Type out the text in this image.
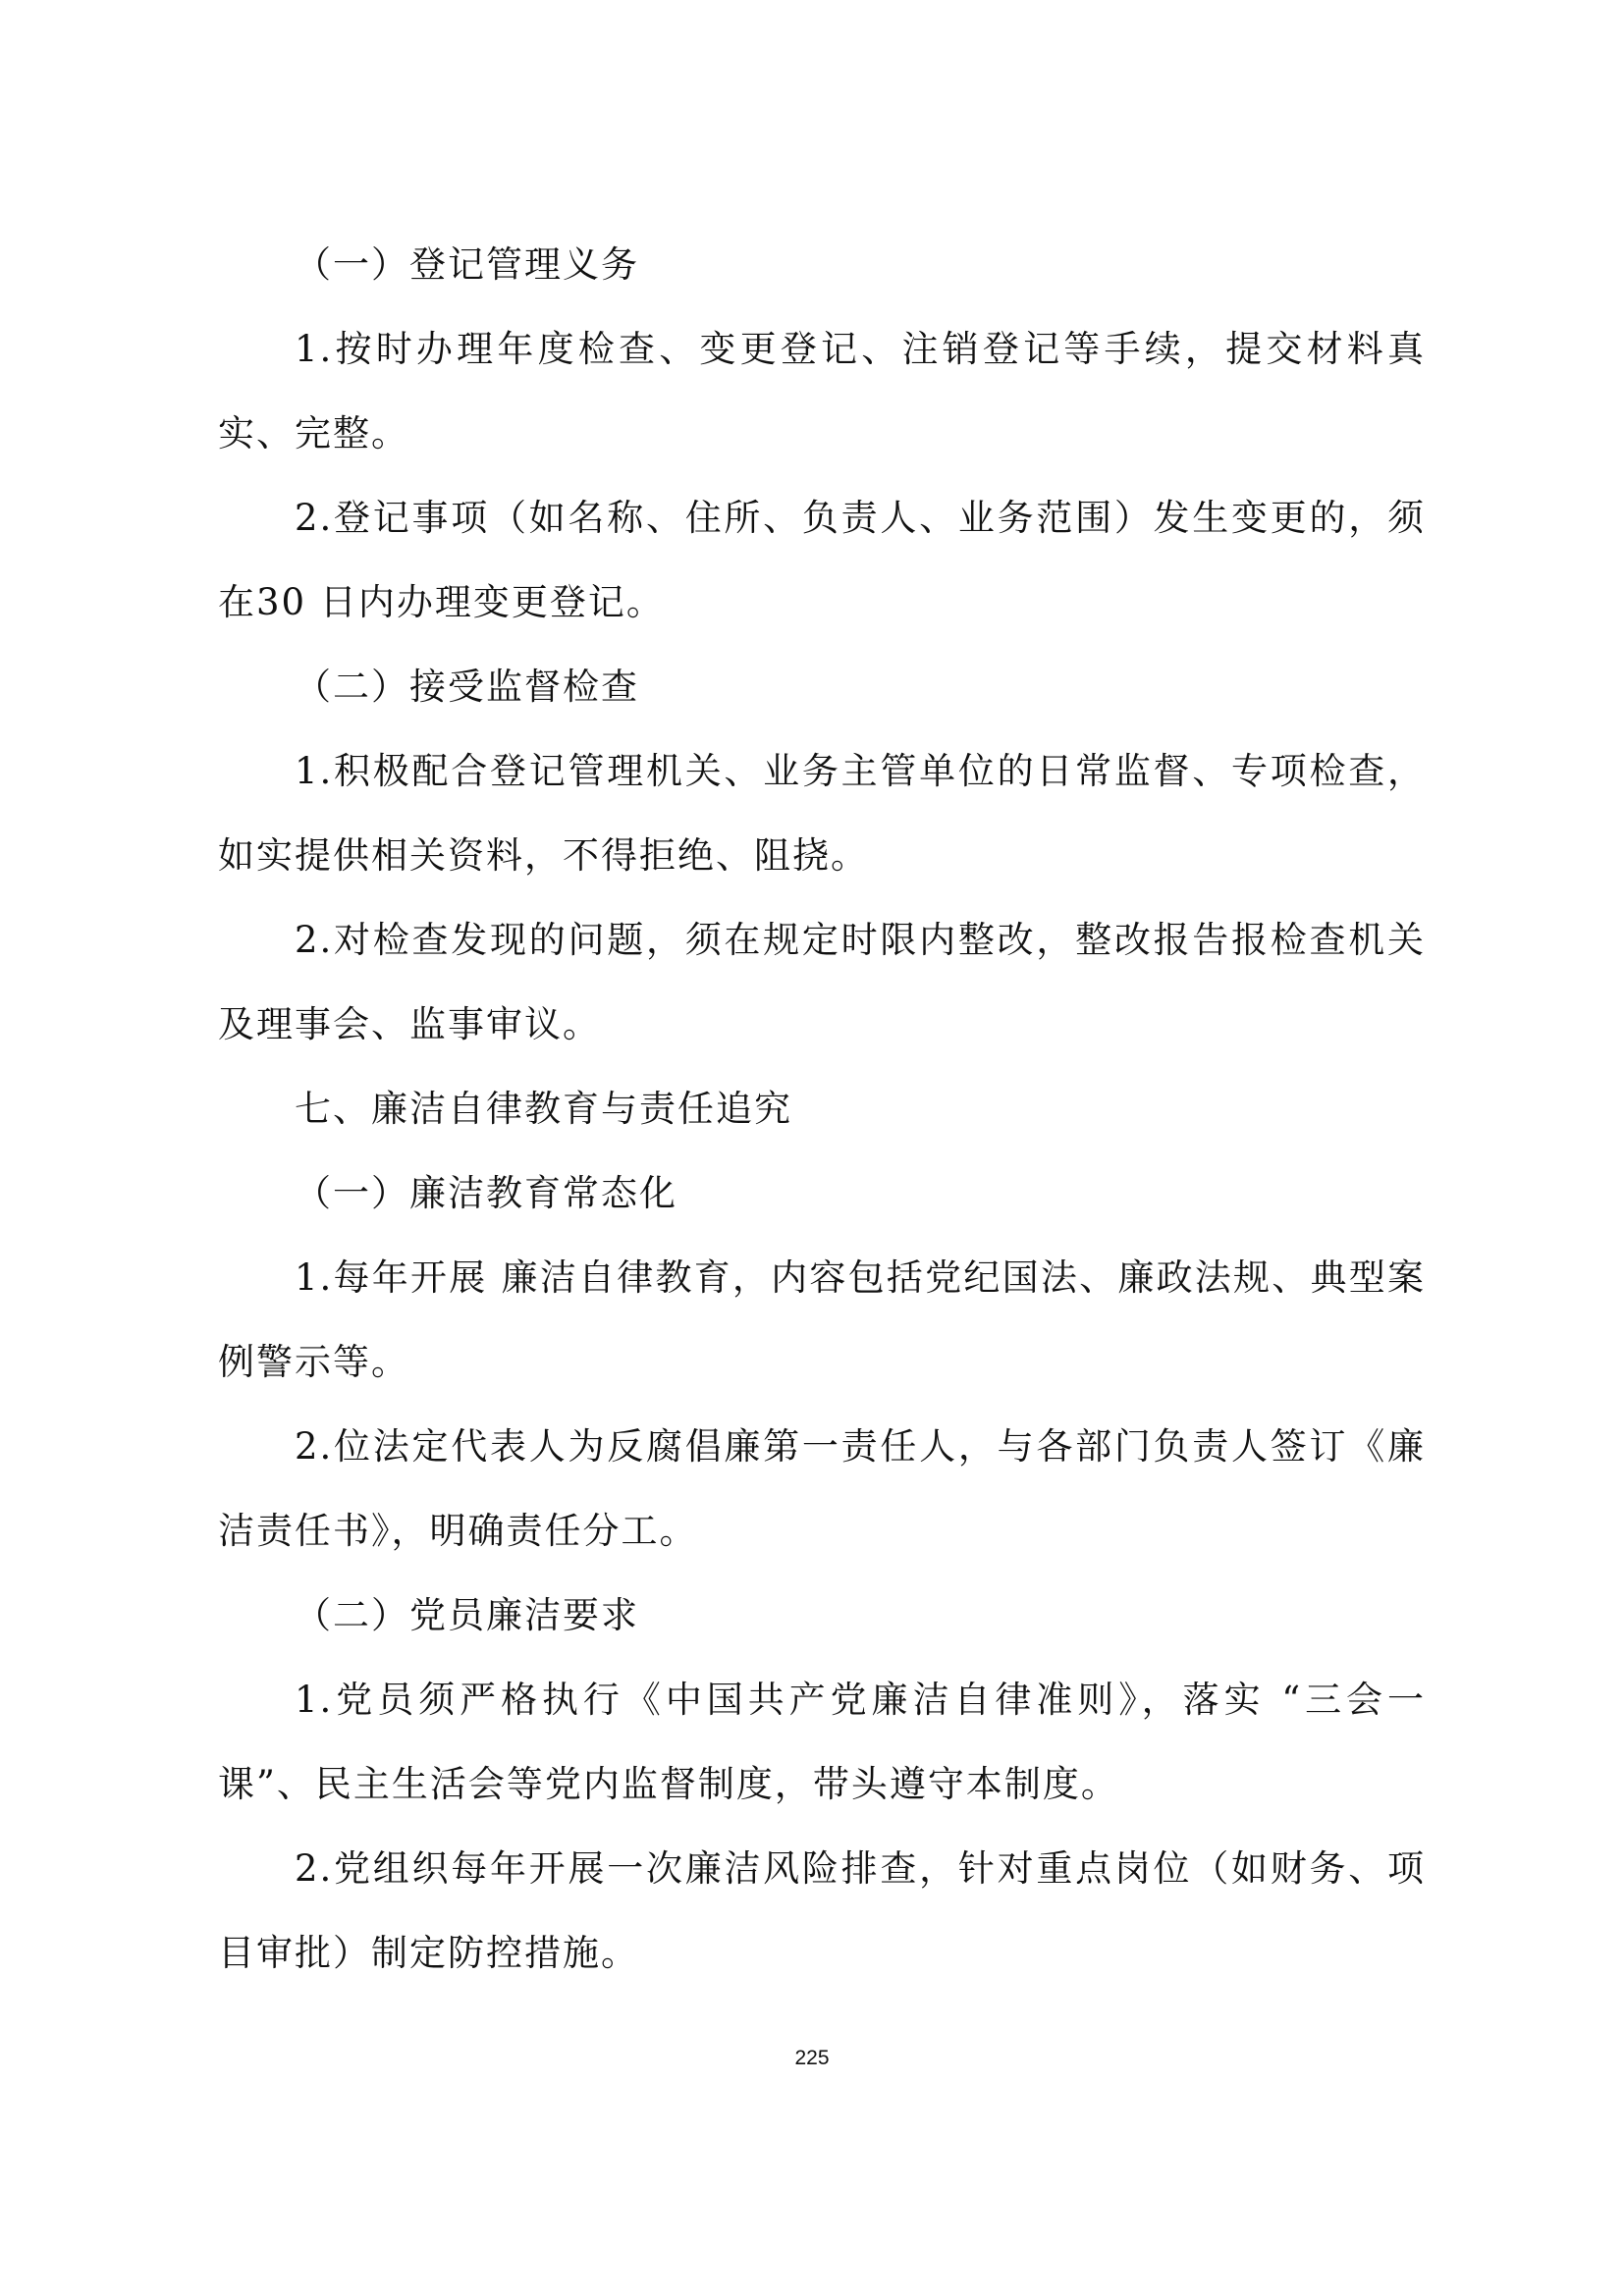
（一）登记管理义务

1.按时办理年度检查、变更登记、注销登记等手续，提交材料真实、完整。

2.登记事项（如名称、住所、负责人、业务范围）发生变更的，须在30 日内办理变更登记。

（二）接受监督检查

1.积极配合登记管理机关、业务主管单位的日常监督、专项检查，如实提供相关资料，不得拒绝、阻挠。

2.对检查发现的问题，须在规定时限内整改，整改报告报检查机关及理事会、监事审议。

七、廉洁自律教育与责任追究

（一）廉洁教育常态化

1.每年开展 廉洁自律教育，内容包括党纪国法、廉政法规、典型案例警示等。

2.位法定代表人为反腐倡廉第一责任人，与各部门负责人签订《廉洁责任书》，明确责任分工。

（二）党员廉洁要求

1.党员须严格执行《中国共产党廉洁自律准则》，落实 “三会一课”、民主生活会等党内监督制度，带头遵守本制度。

2.党组织每年开展一次廉洁风险排查，针对重点岗位（如财务、项目审批）制定防控措施。

225
